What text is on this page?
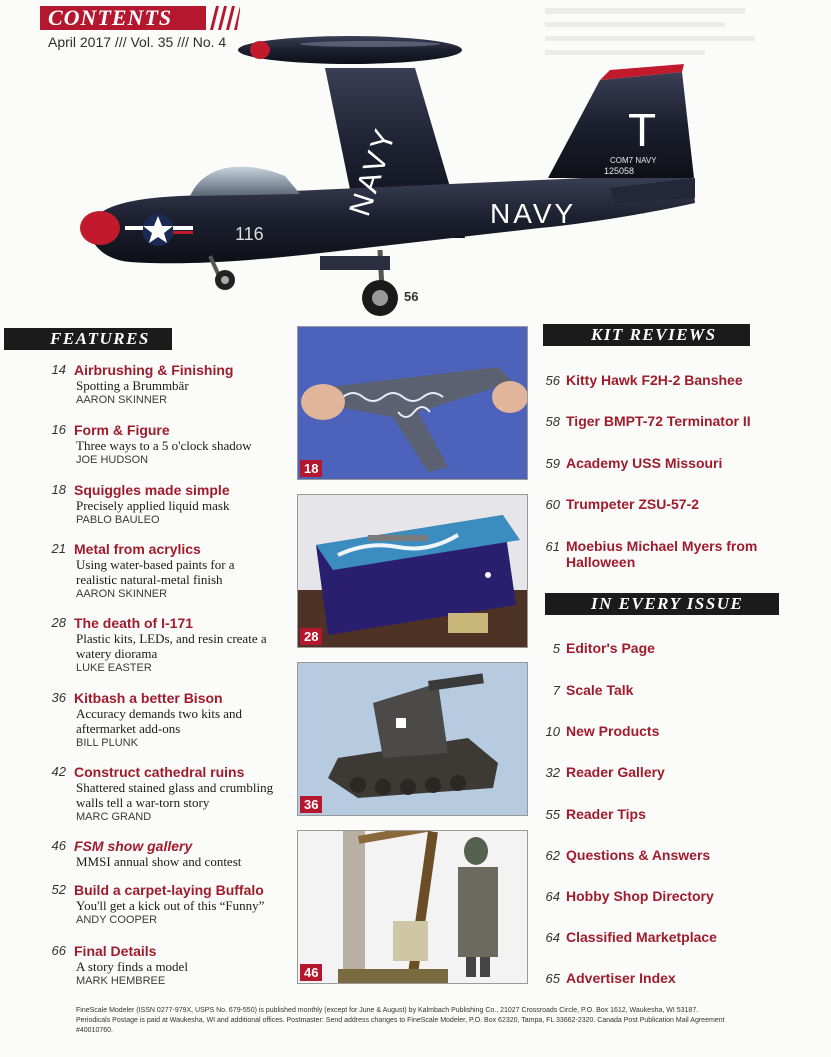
CONTENTS
April 2017 /// Vol. 35 /// No. 4
T
COM7 NAVY
125058
NAVY
116
NAVY
56
FEATURES
14 Airbrushing & Finishing
Spotting a Brummbär
AARON SKINNER
16 Form & Figure
Three ways to a 5 o'clock shadow
JOE HUDSON
18 Squiggles made simple
Precisely applied liquid mask
PABLO BAULEO
21 Metal from acrylics
Using water-based paints for a realistic natural-metal finish
AARON SKINNER
28 The death of I-171
Plastic kits, LEDs, and resin create a watery diorama
LUKE EASTER
36 Kitbash a better Bison
Accuracy demands two kits and aftermarket add-ons
BILL PLUNK
42 Construct cathedral ruins
Shattered stained glass and crumbling walls tell a war-torn story
MARC GRAND
46 FSM show gallery
MMSI annual show and contest
52 Build a carpet-laying Buffalo
You'll get a kick out of this “Funny”
ANDY COOPER
66 Final Details
A story finds a model
MARK HEMBREE
18
28
36
46
KIT REVIEWS
56 Kitty Hawk F2H-2 Banshee
58 Tiger BMPT-72 Terminator II
59 Academy USS Missouri
60 Trumpeter ZSU-57-2
61 Moebius Michael Myers from Halloween
IN EVERY ISSUE
5 Editor's Page
7 Scale Talk
10 New Products
32 Reader Gallery
55 Reader Tips
62 Questions & Answers
64 Hobby Shop Directory
64 Classified Marketplace
65 Advertiser Index
FineScale Modeler (ISSN 0277-979X, USPS No. 679-550) is published monthly (except for June & August) by Kalmbach Publishing Co., 21027 Crossroads Circle, P.O. Box 1612, Waukesha, WI 53187.
Periodicals Postage is paid at Waukesha, WI and additional offices. Postmaster: Send address changes to FineScale Modeler, P.O. Box 62320, Tampa, FL 33662-2320. Canada Post Publication Mail Agreement #40010760.
